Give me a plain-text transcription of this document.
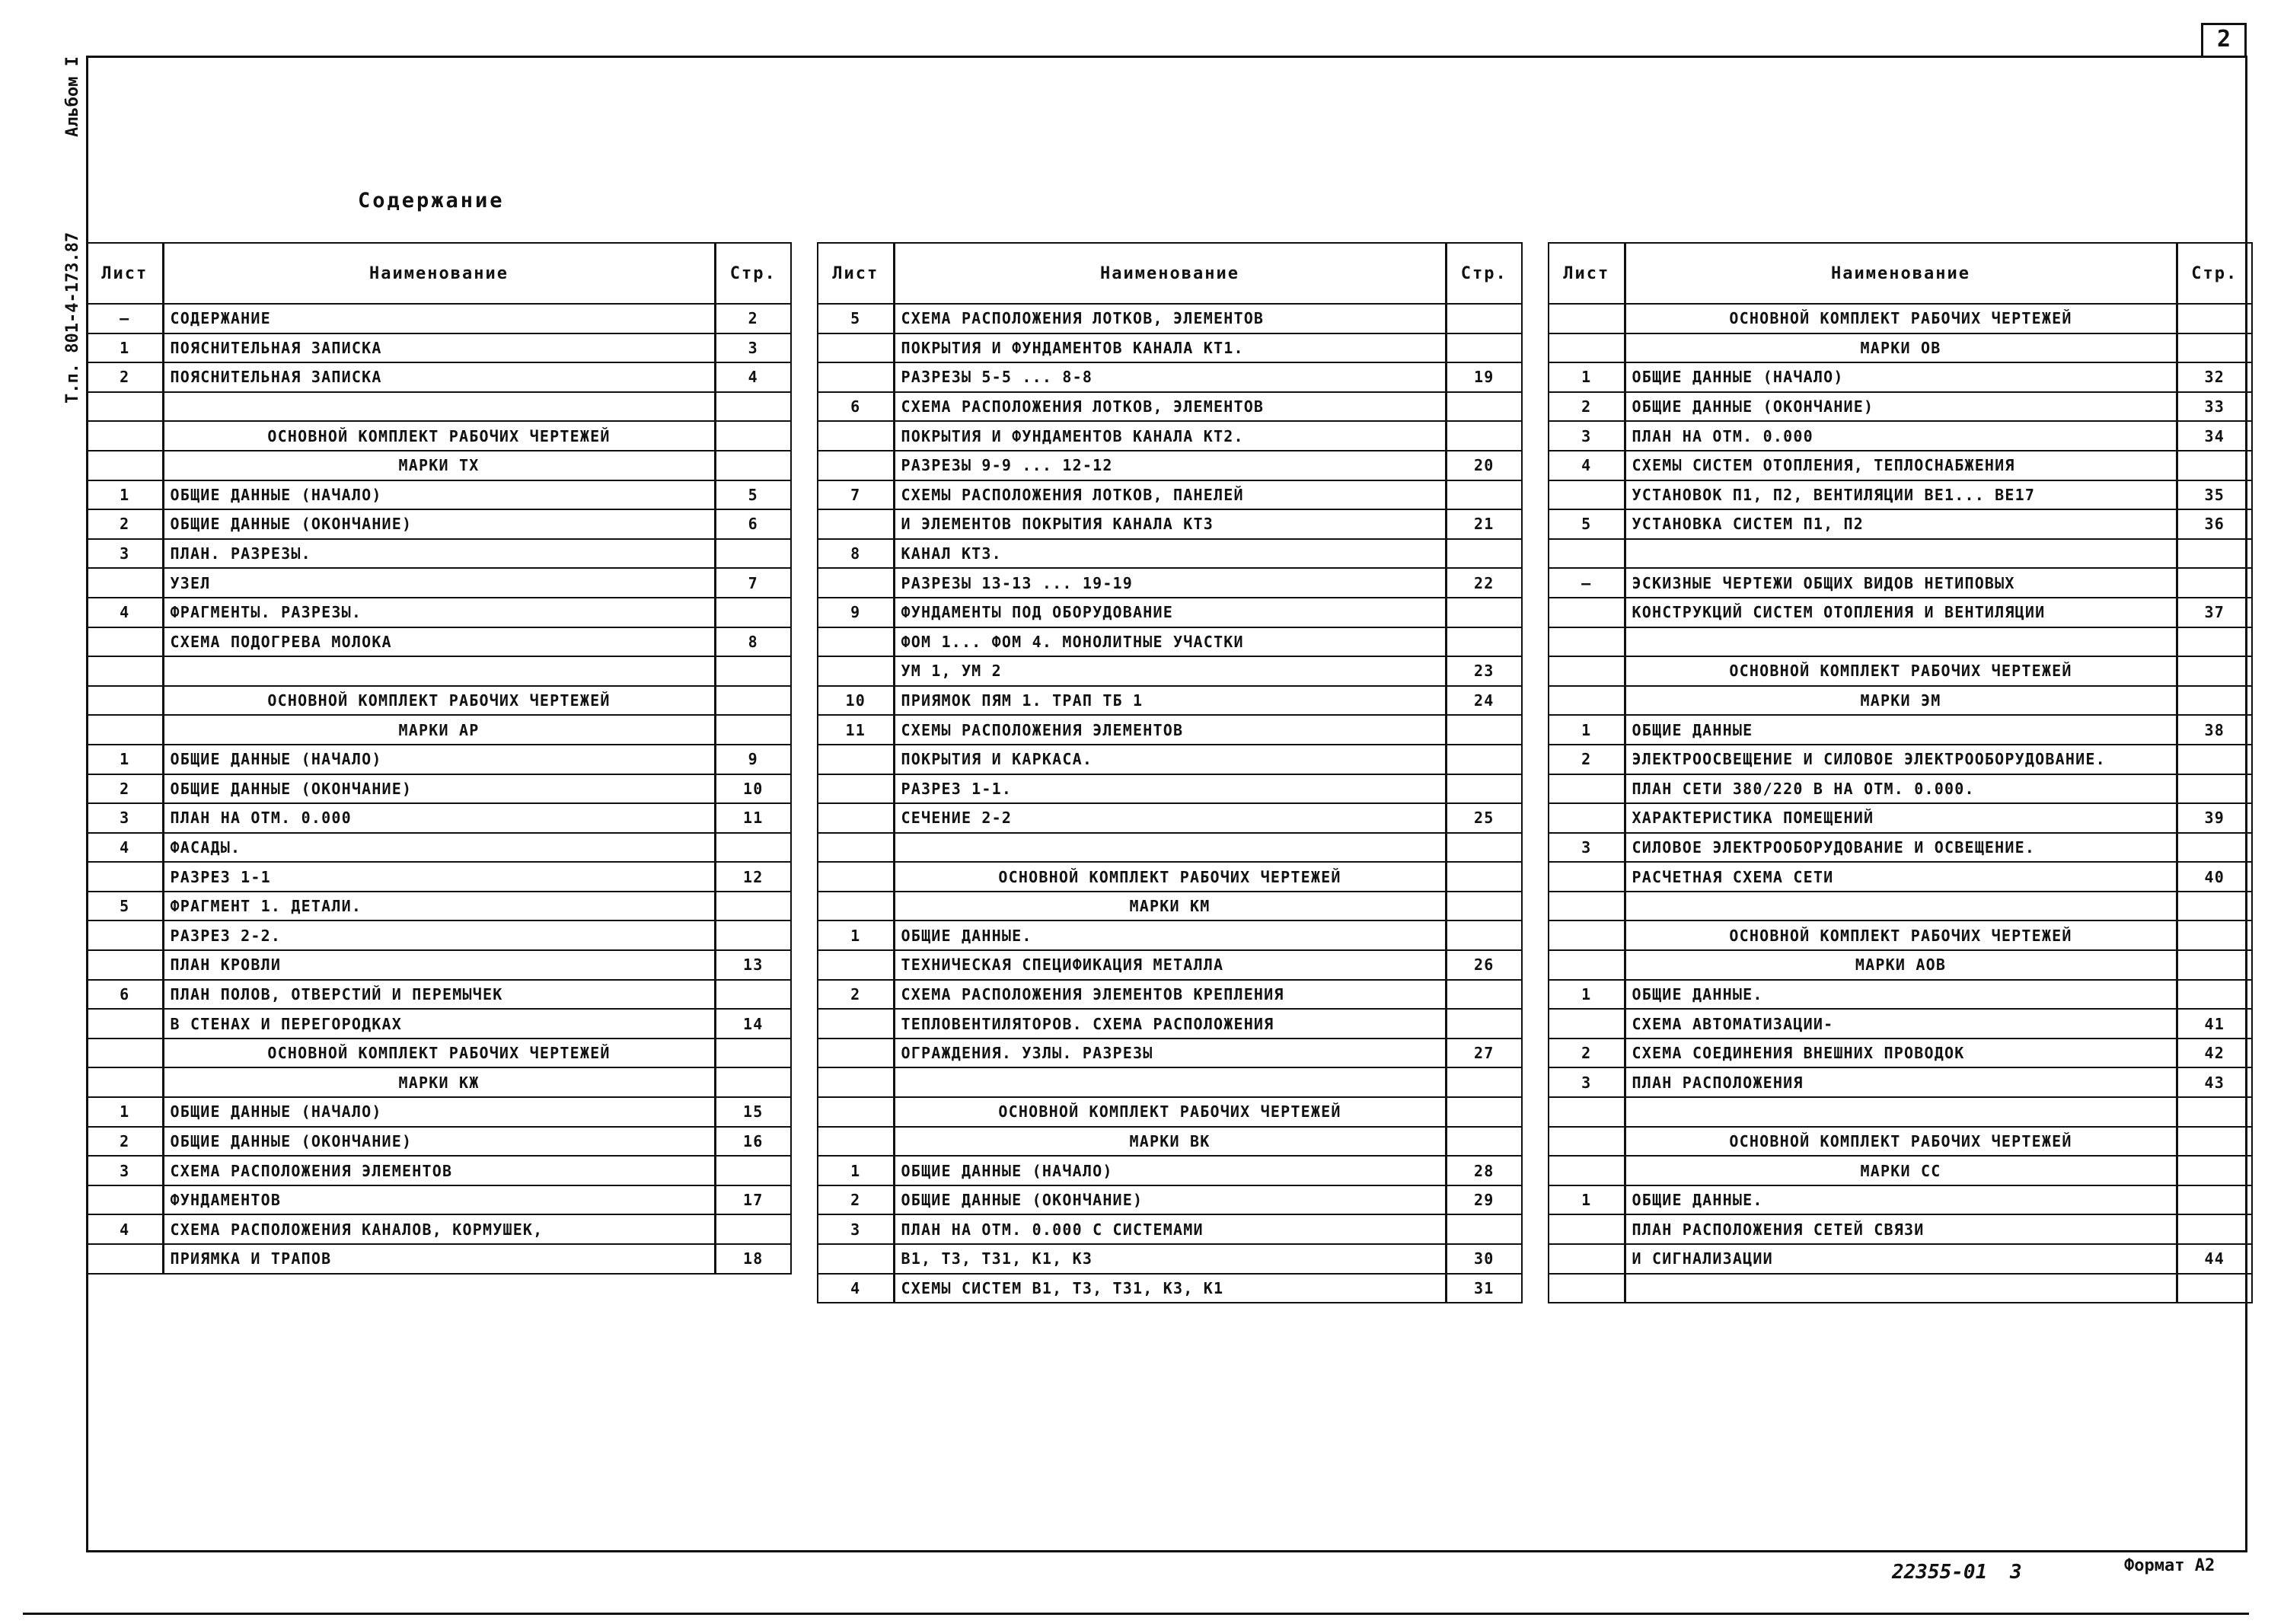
2
Альбом I
Т.п. 801-4-173.87
Содержание
Лист	Наименование	Стр.
—	СОДЕРЖАНИЕ	2
1	ПОЯСНИТЕЛЬНАЯ ЗАПИСКА	3
2	ПОЯСНИТЕЛЬНАЯ ЗАПИСКА	4

	ОСНОВНОЙ КОМПЛЕКТ РАБОЧИХ ЧЕРТЕЖЕЙ	
	МАРКИ ТХ	
1	ОБЩИЕ ДАННЫЕ (НАЧАЛО)	5
2	ОБЩИЕ ДАННЫЕ (ОКОНЧАНИЕ)	6
3	ПЛАН. РАЗРЕЗЫ.	
	УЗЕЛ	7
4	ФРАГМЕНТЫ. РАЗРЕЗЫ.	
	СХЕМА ПОДОГРЕВА МОЛОКА	8

	ОСНОВНОЙ КОМПЛЕКТ РАБОЧИХ ЧЕРТЕЖЕЙ	
	МАРКИ АР	
1	ОБЩИЕ ДАННЫЕ (НАЧАЛО)	9
2	ОБЩИЕ ДАННЫЕ (ОКОНЧАНИЕ)	10
3	ПЛАН НА ОТМ. 0.000	11
4	ФАСАДЫ.	
	РАЗРЕЗ 1-1	12
5	ФРАГМЕНТ 1. ДЕТАЛИ.	
	РАЗРЕЗ 2-2.	
	ПЛАН КРОВЛИ	13
6	ПЛАН ПОЛОВ, ОТВЕРСТИЙ И ПЕРЕМЫЧЕК	
	В СТЕНАХ И ПЕРЕГОРОДКАХ	14
	ОСНОВНОЙ КОМПЛЕКТ РАБОЧИХ ЧЕРТЕЖЕЙ	
	МАРКИ КЖ	
1	ОБЩИЕ ДАННЫЕ (НАЧАЛО)	15
2	ОБЩИЕ ДАННЫЕ (ОКОНЧАНИЕ)	16
3	СХЕМА РАСПОЛОЖЕНИЯ ЭЛЕМЕНТОВ	
	ФУНДАМЕНТОВ	17
4	СХЕМА РАСПОЛОЖЕНИЯ КАНАЛОВ, КОРМУШЕК,	
	ПРИЯМКА И ТРАПОВ	18
Лист	Наименование	Стр.
5	СХЕМА РАСПОЛОЖЕНИЯ ЛОТКОВ, ЭЛЕМЕНТОВ	
	ПОКРЫТИЯ И ФУНДАМЕНТОВ КАНАЛА КТ1.	
	РАЗРЕЗЫ 5-5 ... 8-8	19
6	СХЕМА РАСПОЛОЖЕНИЯ ЛОТКОВ, ЭЛЕМЕНТОВ	
	ПОКРЫТИЯ И ФУНДАМЕНТОВ КАНАЛА КТ2.	
	РАЗРЕЗЫ 9-9 ... 12-12	20
7	СХЕМЫ РАСПОЛОЖЕНИЯ ЛОТКОВ, ПАНЕЛЕЙ	
	И ЭЛЕМЕНТОВ ПОКРЫТИЯ КАНАЛА КТ3	21
8	КАНАЛ КТ3.	
	РАЗРЕЗЫ 13-13 ... 19-19	22
9	ФУНДАМЕНТЫ ПОД ОБОРУДОВАНИЕ	
	ФОМ 1... ФОМ 4. МОНОЛИТНЫЕ УЧАСТКИ	
	УМ 1, УМ 2	23
10	ПРИЯМОК ПЯМ 1. ТРАП ТБ 1	24
11	СХЕМЫ РАСПОЛОЖЕНИЯ ЭЛЕМЕНТОВ	
	ПОКРЫТИЯ И КАРКАСА.	
	РАЗРЕЗ 1-1.	
	СЕЧЕНИЕ 2-2	25

	ОСНОВНОЙ КОМПЛЕКТ РАБОЧИХ ЧЕРТЕЖЕЙ	
	МАРКИ КМ	
1	ОБЩИЕ ДАННЫЕ.	
	ТЕХНИЧЕСКАЯ СПЕЦИФИКАЦИЯ МЕТАЛЛА	26
2	СХЕМА РАСПОЛОЖЕНИЯ ЭЛЕМЕНТОВ КРЕПЛЕНИЯ	
	ТЕПЛОВЕНТИЛЯТОРОВ. СХЕМА РАСПОЛОЖЕНИЯ	
	ОГРАЖДЕНИЯ. УЗЛЫ. РАЗРЕЗЫ	27

	ОСНОВНОЙ КОМПЛЕКТ РАБОЧИХ ЧЕРТЕЖЕЙ	
	МАРКИ ВК	
1	ОБЩИЕ ДАННЫЕ (НАЧАЛО)	28
2	ОБЩИЕ ДАННЫЕ (ОКОНЧАНИЕ)	29
3	ПЛАН НА ОТМ. 0.000 С СИСТЕМАМИ	
	В1, Т3, Т31, К1, К3	30
4	СХЕМЫ СИСТЕМ В1, Т3, Т31, К3, К1	31
Лист	Наименование	Стр.
	ОСНОВНОЙ КОМПЛЕКТ РАБОЧИХ ЧЕРТЕЖЕЙ	
	МАРКИ ОВ	
1	ОБЩИЕ ДАННЫЕ (НАЧАЛО)	32
2	ОБЩИЕ ДАННЫЕ (ОКОНЧАНИЕ)	33
3	ПЛАН НА ОТМ. 0.000	34
4	СХЕМЫ СИСТЕМ ОТОПЛЕНИЯ, ТЕПЛОСНАБЖЕНИЯ	
	УСТАНОВОК П1, П2, ВЕНТИЛЯЦИИ ВЕ1... ВЕ17	35
5	УСТАНОВКА СИСТЕМ П1, П2	36

—	ЭСКИЗНЫЕ ЧЕРТЕЖИ ОБЩИХ ВИДОВ НЕТИПОВЫХ	
	КОНСТРУКЦИЙ СИСТЕМ ОТОПЛЕНИЯ И ВЕНТИЛЯЦИИ	37

	ОСНОВНОЙ КОМПЛЕКТ РАБОЧИХ ЧЕРТЕЖЕЙ	
	МАРКИ ЭМ	
1	ОБЩИЕ ДАННЫЕ	38
2	ЭЛЕКТРООСВЕЩЕНИЕ И СИЛОВОЕ ЭЛЕКТРООБОРУДОВАНИЕ.	
	ПЛАН СЕТИ 380/220 В НА ОТМ. 0.000.	
	ХАРАКТЕРИСТИКА ПОМЕЩЕНИЙ	39
3	СИЛОВОЕ ЭЛЕКТРООБОРУДОВАНИЕ И ОСВЕЩЕНИЕ.	
	РАСЧЕТНАЯ СХЕМА СЕТИ	40

	ОСНОВНОЙ КОМПЛЕКТ РАБОЧИХ ЧЕРТЕЖЕЙ	
	МАРКИ АОВ	
1	ОБЩИЕ ДАННЫЕ.	
	СХЕМА АВТОМАТИЗАЦИИ-	41
2	СХЕМА СОЕДИНЕНИЯ ВНЕШНИХ ПРОВОДОК	42
3	ПЛАН РАСПОЛОЖЕНИЯ	43

	ОСНОВНОЙ КОМПЛЕКТ РАБОЧИХ ЧЕРТЕЖЕЙ	
	МАРКИ СС	
1	ОБЩИЕ ДАННЫЕ.	
	ПЛАН РАСПОЛОЖЕНИЯ СЕТЕЙ СВЯЗИ	
	И СИГНАЛИЗАЦИИ	44

22355-01 3	Формат А2
